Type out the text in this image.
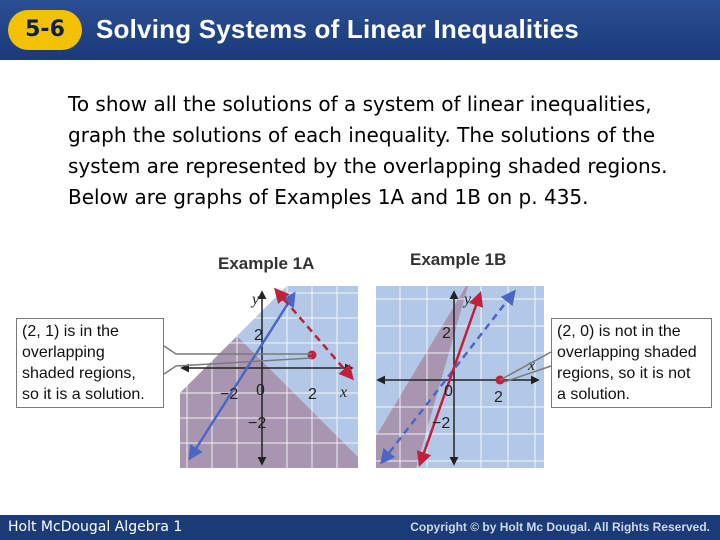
5-6	Solving Systems of Linear Inequalities

To show all the solutions of a system of linear inequalities, graph the solutions of each inequality. The solutions of the system are represented by the overlapping shaded regions. Below are graphs of Examples 1A and 1B on p. 435.

Example 1A	Example 1B
y
x
2
−2
−2	2
0
y
x
2
−2
2
0
(2, 1) is in the
overlapping
shaded regions,
so it is a solution.
(2, 0) is not in the
overlapping shaded
regions, so it is not
a solution.
Holt McDougal Algebra 1	Copyright © by Holt Mc Dougal. All Rights Reserved.
